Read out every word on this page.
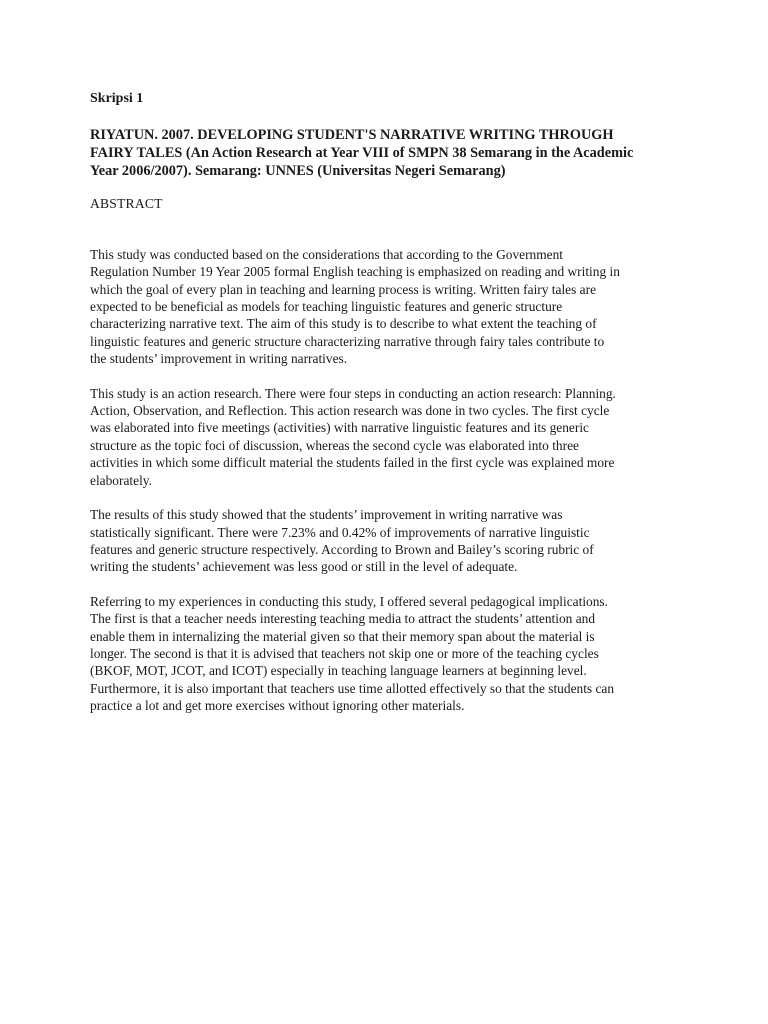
Skripsi 1
RIYATUN. 2007. DEVELOPING STUDENT'S NARRATIVE WRITING THROUGH
FAIRY TALES (An Action Research at Year VIII of SMPN 38 Semarang in the Academic
Year 2006/2007). Semarang: UNNES (Universitas Negeri Semarang)
ABSTRACT
This study was conducted based on the considerations that according to the Government
Regulation Number 19 Year 2005 formal English teaching is emphasized on reading and writing in
which the goal of every plan in teaching and learning process is writing. Written fairy tales are
expected to be beneficial as models for teaching linguistic features and generic structure
characterizing narrative text. The aim of this study is to describe to what extent the teaching of
linguistic features and generic structure characterizing narrative through fairy tales contribute to
the students’ improvement in writing narratives.
This study is an action research. There were four steps in conducting an action research: Planning.
Action, Observation, and Reflection. This action research was done in two cycles. The first cycle
was elaborated into five meetings (activities) with narrative linguistic features and its generic
structure as the topic foci of discussion, whereas the second cycle was elaborated into three
activities in which some difficult material the students failed in the first cycle was explained more
elaborately.
The results of this study showed that the students’ improvement in writing narrative was
statistically significant. There were 7.23% and 0.42% of improvements of narrative linguistic
features and generic structure respectively. According to Brown and Bailey’s scoring rubric of
writing the students’ achievement was less good or still in the level of adequate.
Referring to my experiences in conducting this study, I offered several pedagogical implications.
The first is that a teacher needs interesting teaching media to attract the students’ attention and
enable them in internalizing the material given so that their memory span about the material is
longer. The second is that it is advised that teachers not skip one or more of the teaching cycles
(BKOF, MOT, JCOT, and ICOT) especially in teaching language learners at beginning level.
Furthermore, it is also important that teachers use time allotted effectively so that the students can
practice a lot and get more exercises without ignoring other materials.
